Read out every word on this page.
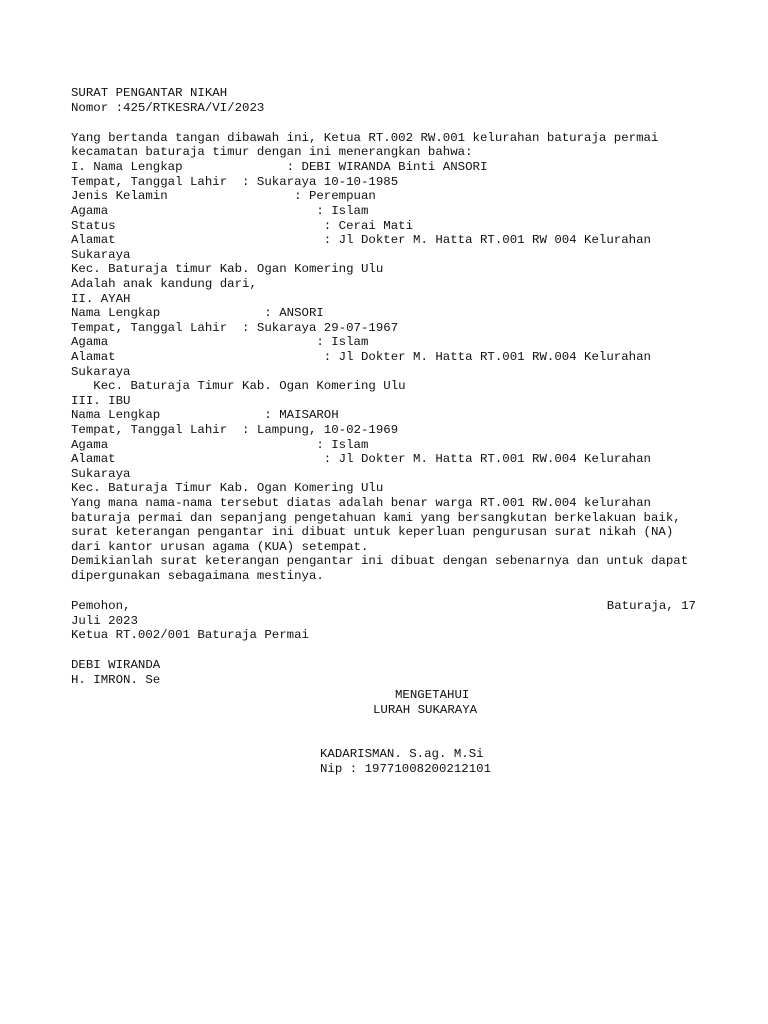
SURAT PENGANTAR NIKAH
Nomor :425/RTKESRA/VI/2023
Yang bertanda tangan dibawah ini, Ketua RT.002 RW.001 kelurahan baturaja permai
kecamatan baturaja timur dengan ini menerangkan bahwa:
I. Nama Lengkap              : DEBI WIRANDA Binti ANSORI
Tempat, Tanggal Lahir  : Sukaraya 10-10-1985
Jenis Kelamin                 : Perempuan
Agama                            : Islam
Status                            : Cerai Mati
Alamat                            : Jl Dokter M. Hatta RT.001 RW 004 Kelurahan
Sukaraya
Kec. Baturaja timur Kab. Ogan Komering Ulu
Adalah anak kandung dari,
II. AYAH
Nama Lengkap              : ANSORI
Tempat, Tanggal Lahir  : Sukaraya 29-07-1967
Agama                            : Islam
Alamat                            : Jl Dokter M. Hatta RT.001 RW.004 Kelurahan
Sukaraya
Kec. Baturaja Timur Kab. Ogan Komering Ulu
III. IBU
Nama Lengkap              : MAISAROH
Tempat, Tanggal Lahir  : Lampung, 10-02-1969
Agama                            : Islam
Alamat                            : Jl Dokter M. Hatta RT.001 RW.004 Kelurahan
Sukaraya
Kec. Baturaja Timur Kab. Ogan Komering Ulu
Yang mana nama-nama tersebut diatas adalah benar warga RT.001 RW.004 kelurahan
baturaja permai dan sepanjang pengetahuan kami yang bersangkutan berkelakuan baik,
surat keterangan pengantar ini dibuat untuk keperluan pengurusan surat nikah (NA)
dari kantor urusan agama (KUA) setempat.
Demikianlah surat keterangan pengantar ini dibuat dengan sebenarnya dan untuk dapat
dipergunakan sebagaimana mestinya.
Pemohon,	Baturaja, 17
Juli 2023
Ketua RT.002/001 Baturaja Permai
DEBI WIRANDA
H. IMRON. Se
MENGETAHUI
LURAH SUKARAYA
KADARISMAN. S.ag. M.Si
Nip : 19771008200212101
